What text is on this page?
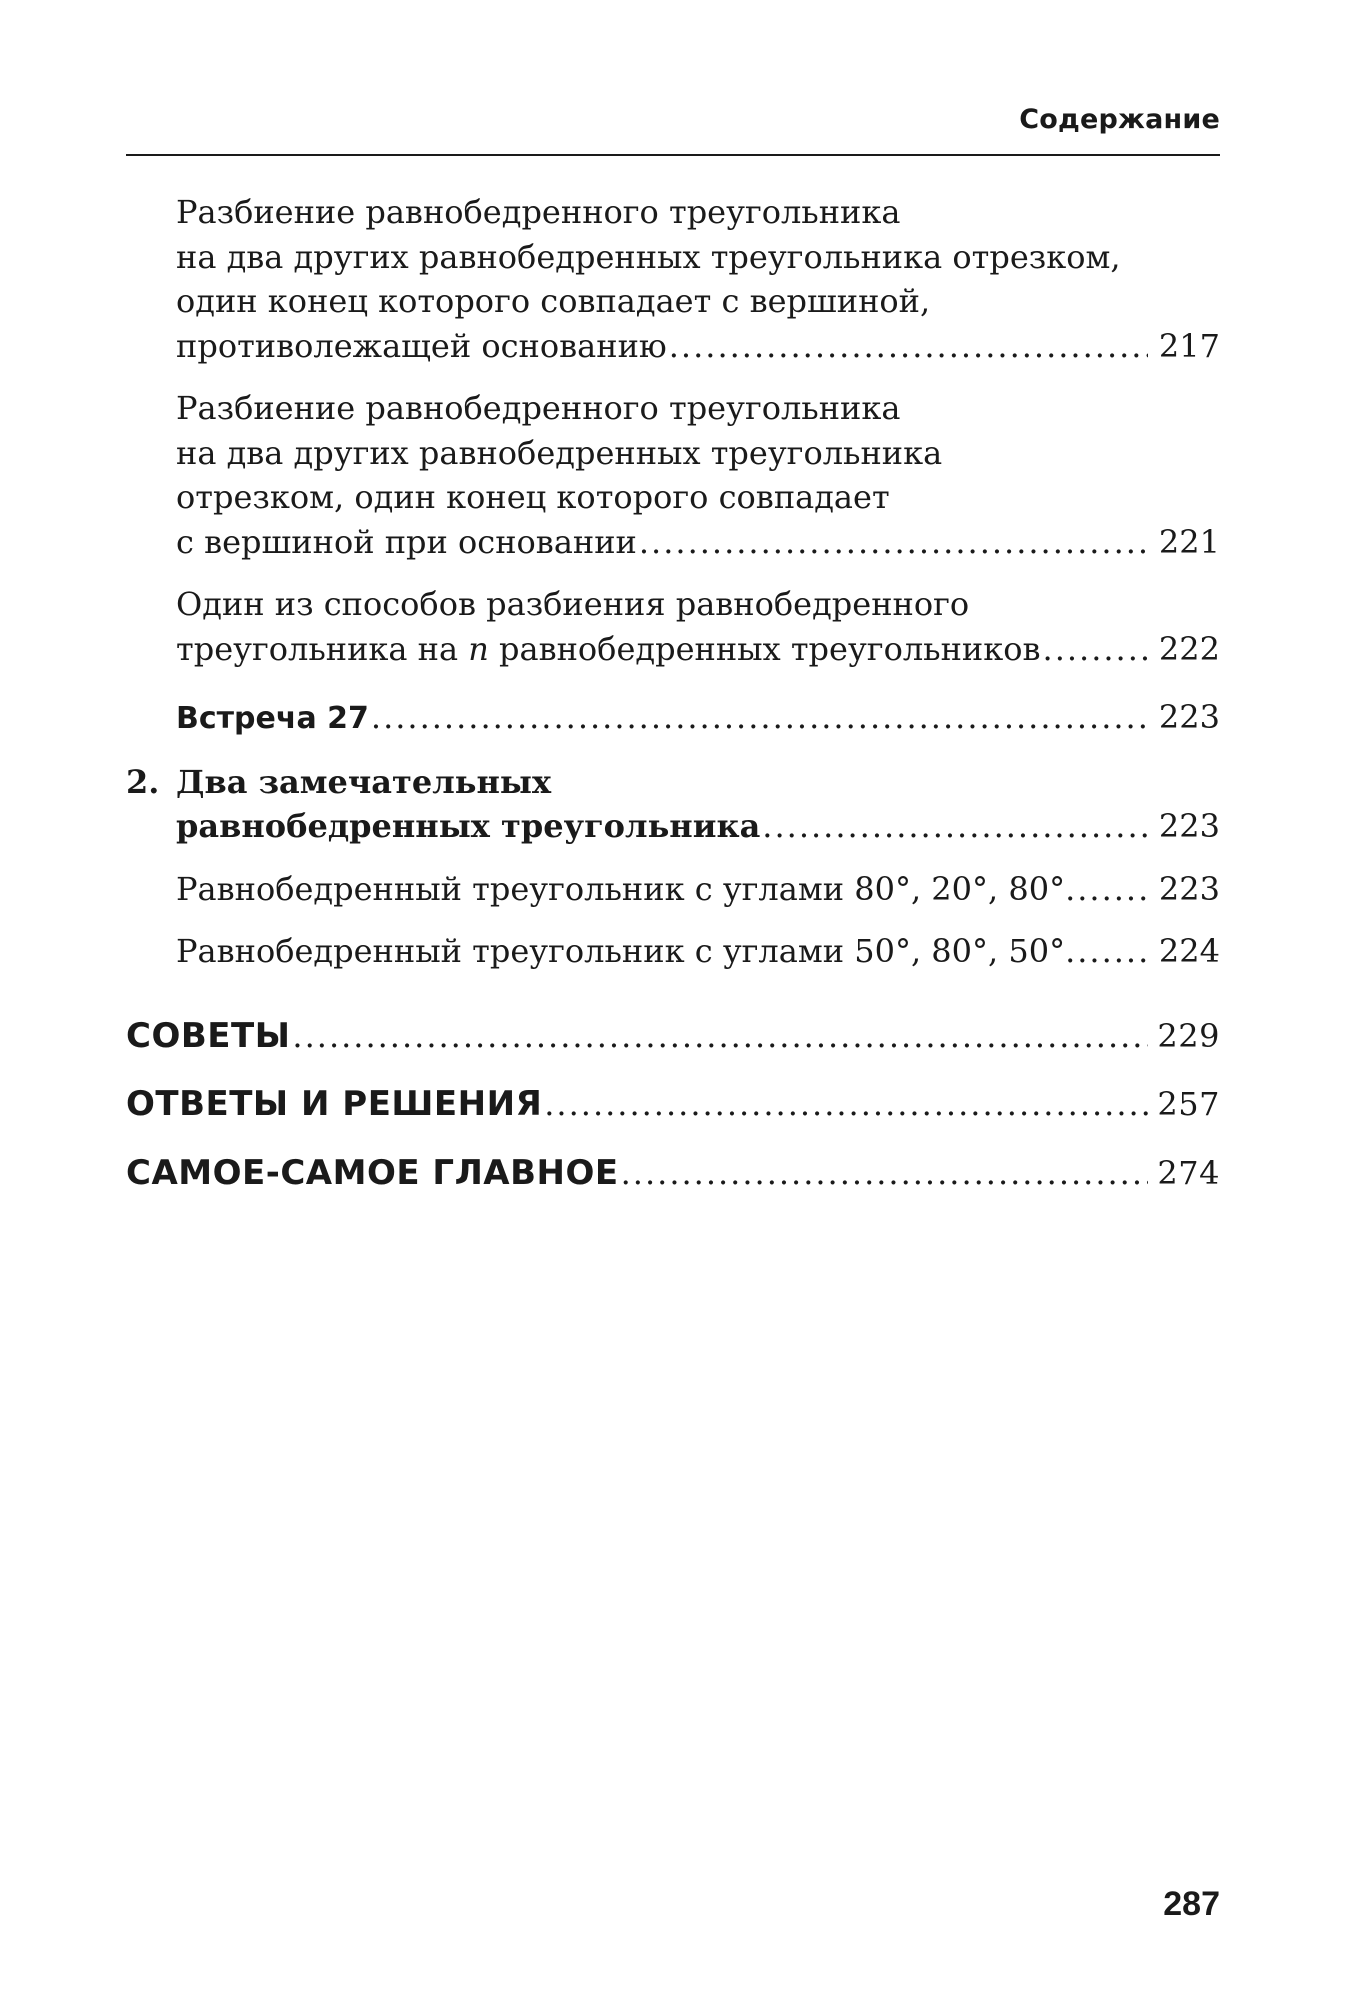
Содержание
Разбиение равнобедренного треугольника
на два других равнобедренных треугольника отрезком,
один конец которого совпадает с вершиной,
противолежащей основанию .....	217
Разбиение равнобедренного треугольника
на два других равнобедренных треугольника
отрезком, один конец которого совпадает
с вершиной при основании .....	221
Один из способов разбиения равнобедренного
треугольника на n равнобедренных треугольников .....	222
Встреча 27 .....	223
2. Два замечательных
равнобедренных треугольника .....	223
Равнобедренный треугольник с углами 80°, 20°, 80°. .....	223
Равнобедренный треугольник с углами 50°, 80°, 50°. .....	224
СОВЕТЫ .....	229
ОТВЕТЫ И РЕШЕНИЯ .....	257
САМОЕ-САМОЕ ГЛАВНОЕ .....	274
287
